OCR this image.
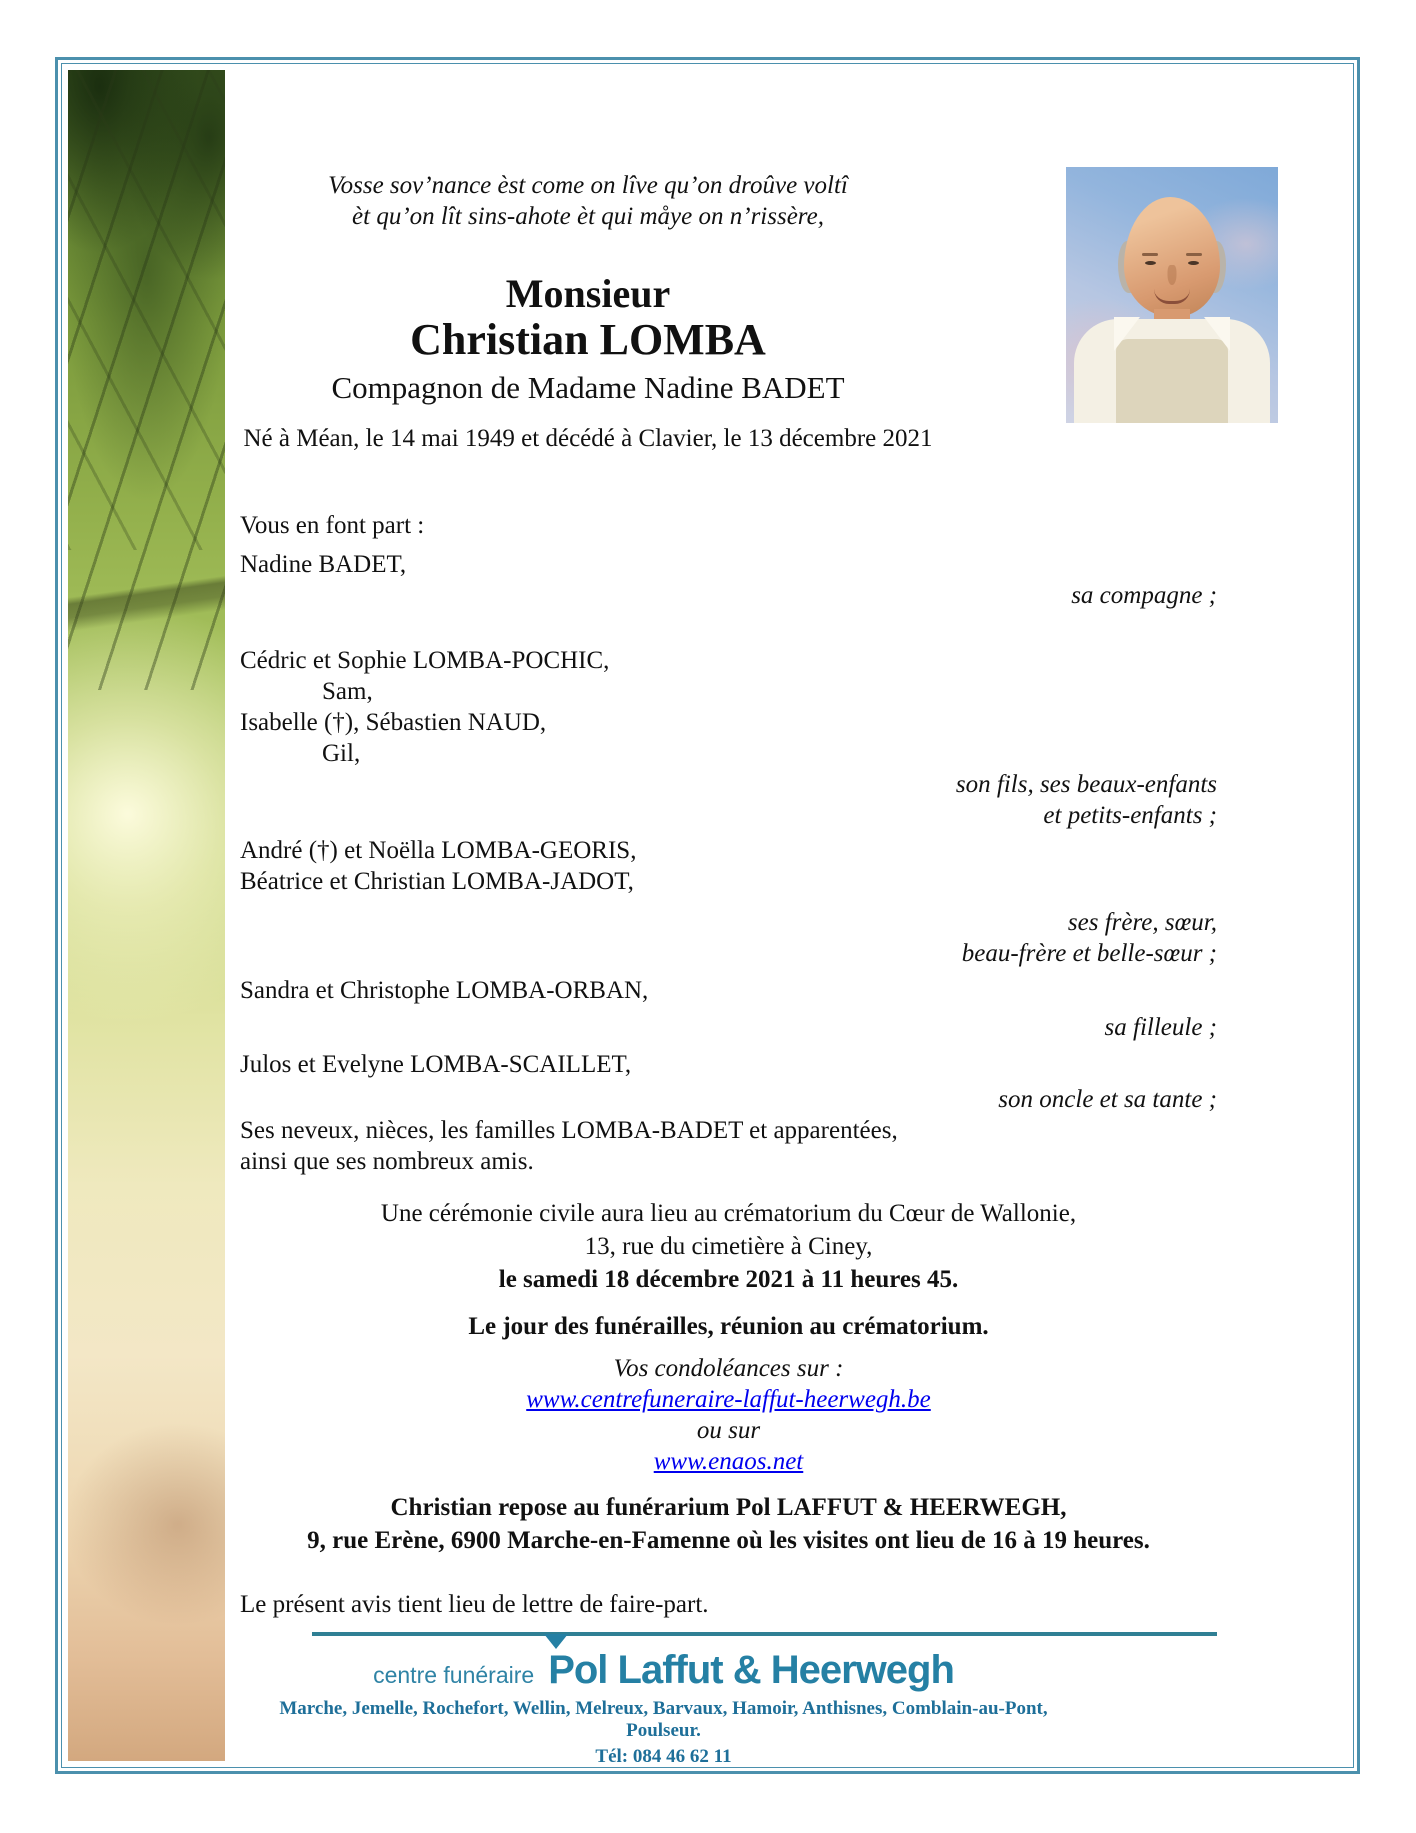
Vosse sov’nance èst come on lîve qu’on droûve voltî
èt qu’on lît sins-ahote èt qui måye on n’rissère,
Monsieur
Christian LOMBA
Compagnon de Madame Nadine BADET
Né à Méan, le 14 mai 1949 et décédé à Clavier, le 13 décembre 2021
Vous en font part :
Nadine BADET,
sa compagne ;
Cédric et Sophie LOMBA-POCHIC,
Sam,
Isabelle (†), Sébastien NAUD,
Gil,
son fils, ses beaux-enfants
et petits-enfants ;
André (†) et Noëlla LOMBA-GEORIS,
Béatrice et Christian LOMBA-JADOT,
ses frère, sœur,
beau-frère et belle-sœur ;
Sandra et Christophe LOMBA-ORBAN,
sa filleule ;
Julos et Evelyne LOMBA-SCAILLET,
son oncle et sa tante ;
Ses neveux, nièces, les familles LOMBA-BADET et apparentées,
ainsi que ses nombreux amis.
Une cérémonie civile aura lieu au crématorium du Cœur de Wallonie,
13, rue du cimetière à Ciney,
le samedi 18 décembre 2021 à 11 heures 45.
Le jour des funérailles, réunion au crématorium.
Vos condoléances sur :
www.centrefuneraire-laffut-heerwegh.be
ou sur
www.enaos.net
Christian repose au funérarium Pol LAFFUT & HEERWEGH,
9, rue Erène, 6900 Marche-en-Famenne où les visites ont lieu de 16 à 19 heures.
Le présent avis tient lieu de lettre de faire-part.
centre funéraire Pol Laffut & Heerwegh
Marche, Jemelle, Rochefort, Wellin, Melreux, Barvaux, Hamoir, Anthisnes, Comblain-au-Pont, Poulseur.
Tél: 084 46 62 11
